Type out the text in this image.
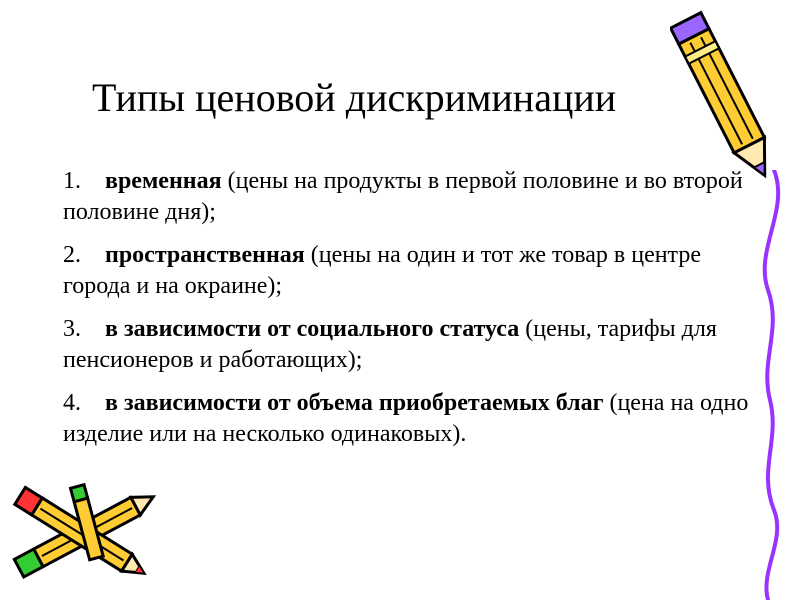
Типы ценовой дискриминации
1. временная (цены на продукты в первой половине и во второй половине дня);
2. пространственная (цены на один и тот же товар в центре города и на окраине);
3. в зависимости от социального статуса (цены, тарифы для пенсионеров и работающих);
4. в зависимости от объема приобретаемых благ (цена на одно изделие или на несколько одинаковых).
